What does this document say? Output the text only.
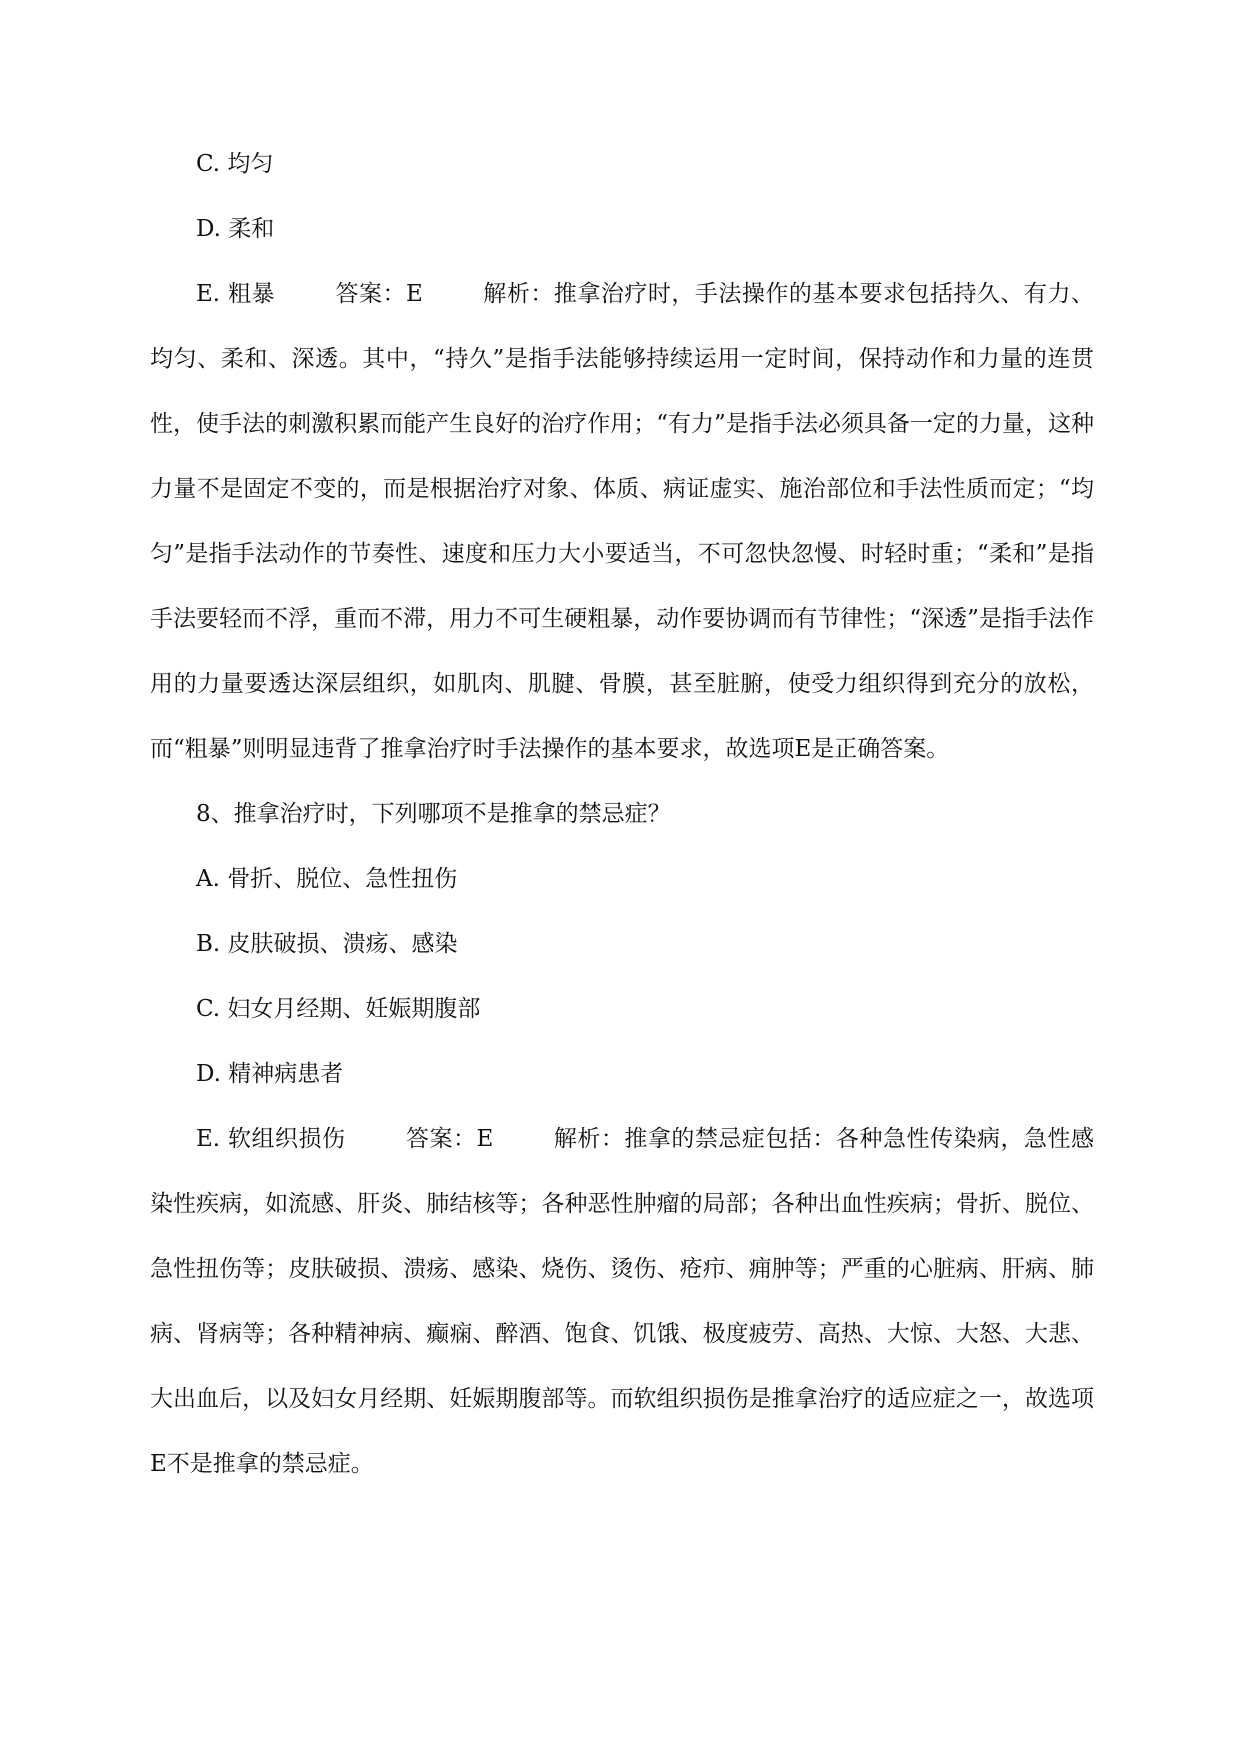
C. 均匀
D. 柔和

E. 粗暴	答案：E	解析：推拿治疗时，手法操作的基本要求包括持久、有力、均匀、柔和、深透。其中，“持久”是指手法能够持续运用一定时间，保持动作和力量的连贯性，使手法的刺激积累而能产生良好的治疗作用；“有力”是指手法必须具备一定的力量，这种力量不是固定不变的，而是根据治疗对象、体质、病证虚实、施治部位和手法性质而定；“均匀”是指手法动作的节奏性、速度和压力大小要适当，不可忽快忽慢、时轻时重；“柔和”是指手法要轻而不浮，重而不滞，用力不可生硬粗暴，动作要协调而有节律性；“深透”是指手法作用的力量要透达深层组织，如肌肉、肌腱、骨膜，甚至脏腑，使受力组织得到充分的放松，而“粗暴”则明显违背了推拿治疗时手法操作的基本要求，故选项E是正确答案。

8、推拿治疗时，下列哪项不是推拿的禁忌症？
A. 骨折、脱位、急性扭伤
B. 皮肤破损、溃疡、感染
C. 妇女月经期、妊娠期腹部
D. 精神病患者

E. 软组织损伤	答案：E	解析：推拿的禁忌症包括：各种急性传染病，急性感染性疾病，如流感、肝炎、肺结核等；各种恶性肿瘤的局部；各种出血性疾病；骨折、脱位、急性扭伤等；皮肤破损、溃疡、感染、烧伤、烫伤、疮疖、痈肿等；严重的心脏病、肝病、肺病、肾病等；各种精神病、癫痫、醉酒、饱食、饥饿、极度疲劳、高热、大惊、大怒、大悲、大出血后，以及妇女月经期、妊娠期腹部等。而软组织损伤是推拿治疗的适应症之一，故选项E不是推拿的禁忌症。
